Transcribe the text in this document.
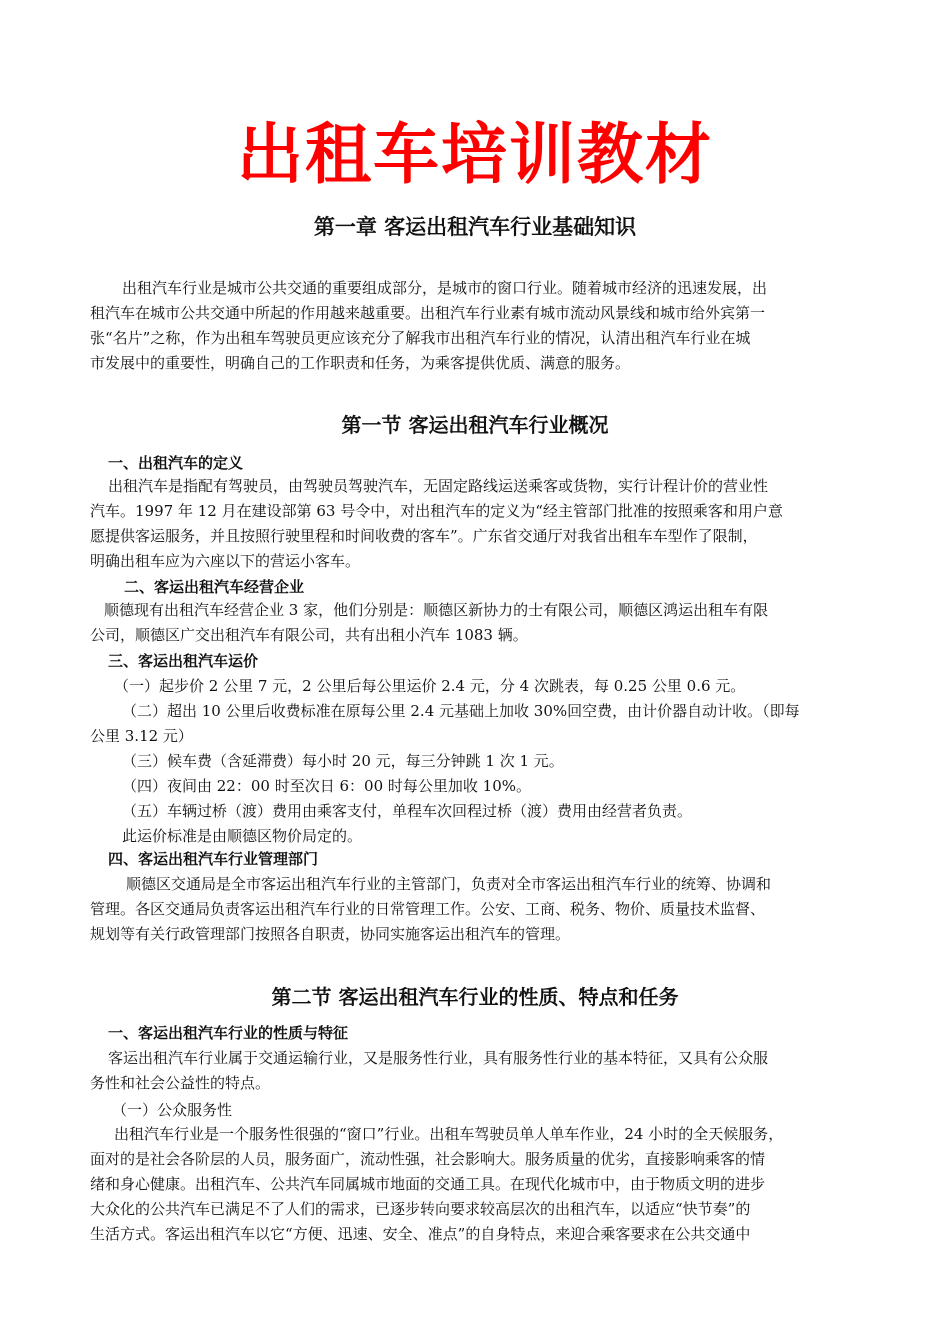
出租车培训教材
第一章 客运出租汽车行业基础知识
出租汽车行业是城市公共交通的重要组成部分，是城市的窗口行业。随着城市经济的迅速发展，出
租汽车在城市公共交通中所起的作用越来越重要。出租汽车行业素有城市流动风景线和城市给外宾第一
张“名片”之称，作为出租车驾驶员更应该充分了解我市出租汽车行业的情况，认清出租汽车行业在城
市发展中的重要性，明确自己的工作职责和任务，为乘客提供优质、满意的服务。
第一节 客运出租汽车行业概况
一、出租汽车的定义
出租汽车是指配有驾驶员，由驾驶员驾驶汽车，无固定路线运送乘客或货物，实行计程计价的营业性
汽车。1997 年 12 月在建设部第 63 号令中，对出租汽车的定义为“经主管部门批准的按照乘客和用户意
愿提供客运服务，并且按照行驶里程和时间收费的客车”。广东省交通厅对我省出租车车型作了限制，
明确出租车应为六座以下的营运小客车。
二、客运出租汽车经营企业
顺德现有出租汽车经营企业 3 家，他们分别是：顺德区新协力的士有限公司，顺德区鸿运出租车有限
公司，顺德区广交出租汽车有限公司，共有出租小汽车 1083 辆。
三、客运出租汽车运价
（一）起步价 2 公里 7 元，2 公里后每公里运价 2.4 元，分 4 次跳表，每 0.25 公里 0.6 元。
（二）超出 10 公里后收费标准在原每公里 2.4 元基础上加收 30%回空费，由计价器自动计收。（即每
公里 3.12 元）
（三）候车费（含延滞费）每小时 20 元，每三分钟跳 1 次 1 元。
（四）夜间由 22：00 时至次日 6：00 时每公里加收 10%。
（五）车辆过桥（渡）费用由乘客支付，单程车次回程过桥（渡）费用由经营者负责。
此运价标准是由顺德区物价局定的。
四、客运出租汽车行业管理部门
顺德区交通局是全市客运出租汽车行业的主管部门，负责对全市客运出租汽车行业的统筹、协调和
管理。各区交通局负责客运出租汽车行业的日常管理工作。公安、工商、税务、物价、质量技术监督、
规划等有关行政管理部门按照各自职责，协同实施客运出租汽车的管理。
第二节 客运出租汽车行业的性质、特点和任务
一、客运出租汽车行业的性质与特征
客运出租汽车行业属于交通运输行业，又是服务性行业，具有服务性行业的基本特征，又具有公众服
务性和社会公益性的特点。
（一）公众服务性
出租汽车行业是一个服务性很强的“窗口”行业。出租车驾驶员单人单车作业，24 小时的全天候服务，
面对的是社会各阶层的人员，服务面广，流动性强，社会影响大。服务质量的优劣，直接影响乘客的情
绪和身心健康。出租汽车、公共汽车同属城市地面的交通工具。在现代化城市中，由于物质文明的进步
大众化的公共汽车已满足不了人们的需求，已逐步转向要求较高层次的出租汽车，以适应“快节奏”的
生活方式。客运出租汽车以它“方便、迅速、安全、准点”的自身特点，来迎合乘客要求在公共交通中
